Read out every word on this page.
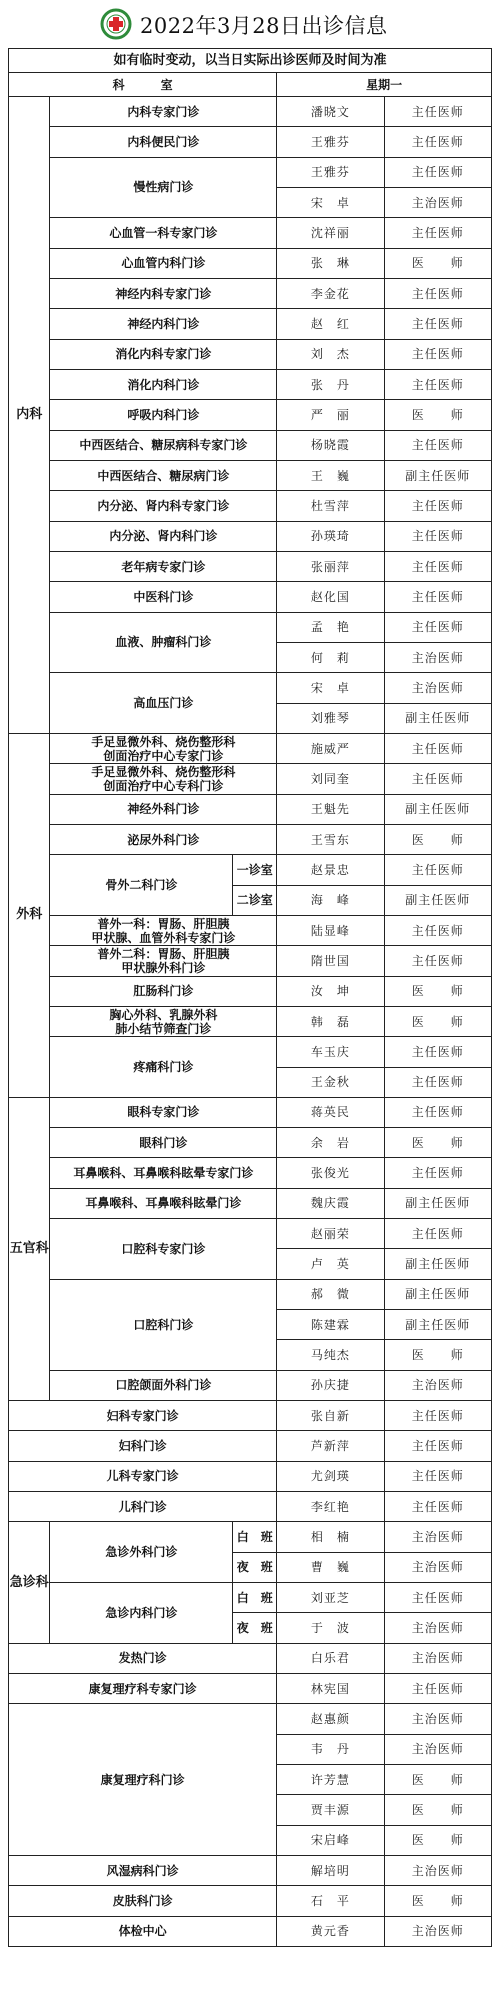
2022年3月28日出诊信息
如有临时变动，以当日实际出诊医师及时间为准				
科　　　室			星期一	
内科	内科专家门诊		潘晓文	主任医师
	内科便民门诊		王雅芬	主任医师
	慢性病门诊		王雅芬	主任医师
			宋　卓	主治医师
	心血管一科专家门诊		沈祥丽	主任医师
	心血管内科门诊		张　琳	医　　师
	神经内科专家门诊		李金花	主任医师
	神经内科门诊		赵　红	主任医师
	消化内科专家门诊		刘　杰	主任医师
	消化内科门诊		张　丹	主任医师
	呼吸内科门诊		严　丽	医　　师
	中西医结合、糖尿病科专家门诊		杨晓霞	主任医师
	中西医结合、糖尿病门诊		王　巍	副主任医师
	内分泌、肾内科专家门诊		杜雪萍	主任医师
	内分泌、肾内科门诊		孙瑛琦	主任医师
	老年病专家门诊		张丽萍	主任医师
	中医科门诊		赵化国	主任医师
	血液、肿瘤科门诊		孟　艳	主任医师
			何　莉	主治医师
	高血压门诊		宋　卓	主治医师
			刘雅琴	副主任医师
外科	手足显微外科、烧伤整形科
创面治疗中心专家门诊		施威严	主任医师
	手足显微外科、烧伤整形科
创面治疗中心专科门诊		刘同奎	主任医师
	神经外科门诊		王魁先	副主任医师
	泌尿外科门诊		王雪东	医　　师
	骨外二科门诊	一诊室	赵景忠	主任医师
		二诊室	海　峰	副主任医师
	普外一科：胃肠、肝胆胰
甲状腺、血管外科专家门诊		陆显峰	主任医师
	普外二科：胃肠、肝胆胰
甲状腺外科门诊		隋世国	主任医师
	肛肠科门诊		汝　坤	医　　师
	胸心外科、乳腺外科
肺小结节筛查门诊		韩　磊	医　　师
	疼痛科门诊		车玉庆	主任医师
			王金秋	主任医师
五官科	眼科专家门诊		蒋英民	主任医师
	眼科门诊		余　岩	医　　师
	耳鼻喉科、耳鼻喉科眩晕专家门诊		张俊光	主任医师
	耳鼻喉科、耳鼻喉科眩晕门诊		魏庆霞	副主任医师
	口腔科专家门诊		赵丽荣	主任医师
			卢　英	副主任医师
	口腔科门诊		郝　微	副主任医师
			陈建霖	副主任医师
			马纯杰	医　　师
	口腔颌面外科门诊		孙庆捷	主治医师
妇科专家门诊			张自新	主任医师
妇科门诊			芦新萍	主任医师
儿科专家门诊			尤剑瑛	主任医师
儿科门诊			李红艳	主任医师
急诊科	急诊外科门诊	白　班	相　楠	主治医师
		夜　班	曹　巍	主治医师
	急诊内科门诊	白　班	刘亚芝	主任医师
		夜　班	于　波	主治医师
发热门诊			白乐君	主治医师
康复理疗科专家门诊			林宪国	主任医师
康复理疗科门诊			赵惠颜	主治医师
			韦　丹	主治医师
			许芳慧	医　　师
			贾丰源	医　　师
			宋启峰	医　　师
风湿病科门诊			解培明	主治医师
皮肤科门诊			石　平	医　　师
体检中心			黄元香	主治医师
